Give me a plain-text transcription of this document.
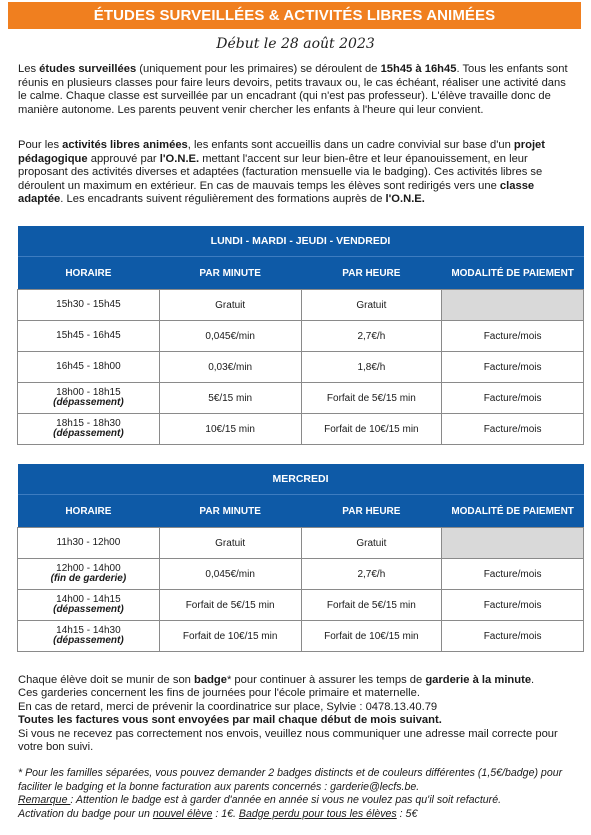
ÉTUDES SURVEILLÉES & ACTIVITÉS LIBRES ANIMÉES
Début le 28 août 2023
Les études surveillées (uniquement pour les primaires) se déroulent de 15h45 à 16h45. Tous les enfants sont réunis en plusieurs classes pour faire leurs devoirs, petits travaux ou, le cas échéant, réaliser une activité dans le calme. Chaque classe est surveillée par un encadrant (qui n'est pas professeur). L'élève travaille donc de manière autonome. Les parents peuvent venir chercher les enfants à l'heure qui leur convient.
Pour les activités libres animées, les enfants sont accueillis dans un cadre convivial sur base d'un projet pédagogique approuvé par l'O.N.E. mettant l'accent sur leur bien-être et leur épanouissement, en leur proposant des activités diverses et adaptées (facturation mensuelle via le badging). Ces activités libres se déroulent un maximum en extérieur. En cas de mauvais temps les élèves sont redirigés vers une classe adaptée. Les encadrants suivent régulièrement des formations auprès de l'O.N.E.
LUNDI - MARDI - JEUDI - VENDREDI			
HORAIRE	PAR MINUTE	PAR HEURE	MODALITÉ DE PAIEMENT

15h30 - 15h45	Gratuit	Gratuit	

15h45 - 16h45	0,045€/min	2,7€/h	Facture/mois

16h45 - 18h00	0,03€/min	1,8€/h	Facture/mois

18h00 - 18h15
(dépassement)	5€/15 min	Forfait de 5€/15 min	Facture/mois

18h15 - 18h30
(dépassement)	10€/15 min	Forfait de 10€/15 min	Facture/mois
MERCREDI			
HORAIRE	PAR MINUTE	PAR HEURE	MODALITÉ DE PAIEMENT

11h30 - 12h00	Gratuit	Gratuit	

12h00 - 14h00
(fin de garderie)	0,045€/min	2,7€/h	Facture/mois

14h00 - 14h15
(dépassement)	Forfait de 5€/15 min	Forfait de 5€/15 min	Facture/mois

14h15 - 14h30
(dépassement)	Forfait de 10€/15 min	Forfait de 10€/15 min	Facture/mois
Chaque élève doit se munir de son badge* pour continuer à assurer les temps de garderie à la minute.
Ces garderies concernent les fins de journées pour l'école primaire et maternelle.
En cas de retard, merci de prévenir la coordinatrice sur place, Sylvie : 0478.13.40.79
Toutes les factures vous sont envoyées par mail chaque début de mois suivant.
Si vous ne recevez pas correctement nos envois, veuillez nous communiquer une adresse mail correcte pour votre bon suivi.
* Pour les familles séparées, vous pouvez demander 2 badges distincts et de couleurs différentes (1,5€/badge) pour faciliter le badging et la bonne facturation aux parents concernés : garderie@lecfs.be.
Remarque : Attention le badge est à garder d'année en année si vous ne voulez pas qu'il soit refacturé.
Activation du badge pour un nouvel élève : 1€. Badge perdu pour tous les élèves : 5€
